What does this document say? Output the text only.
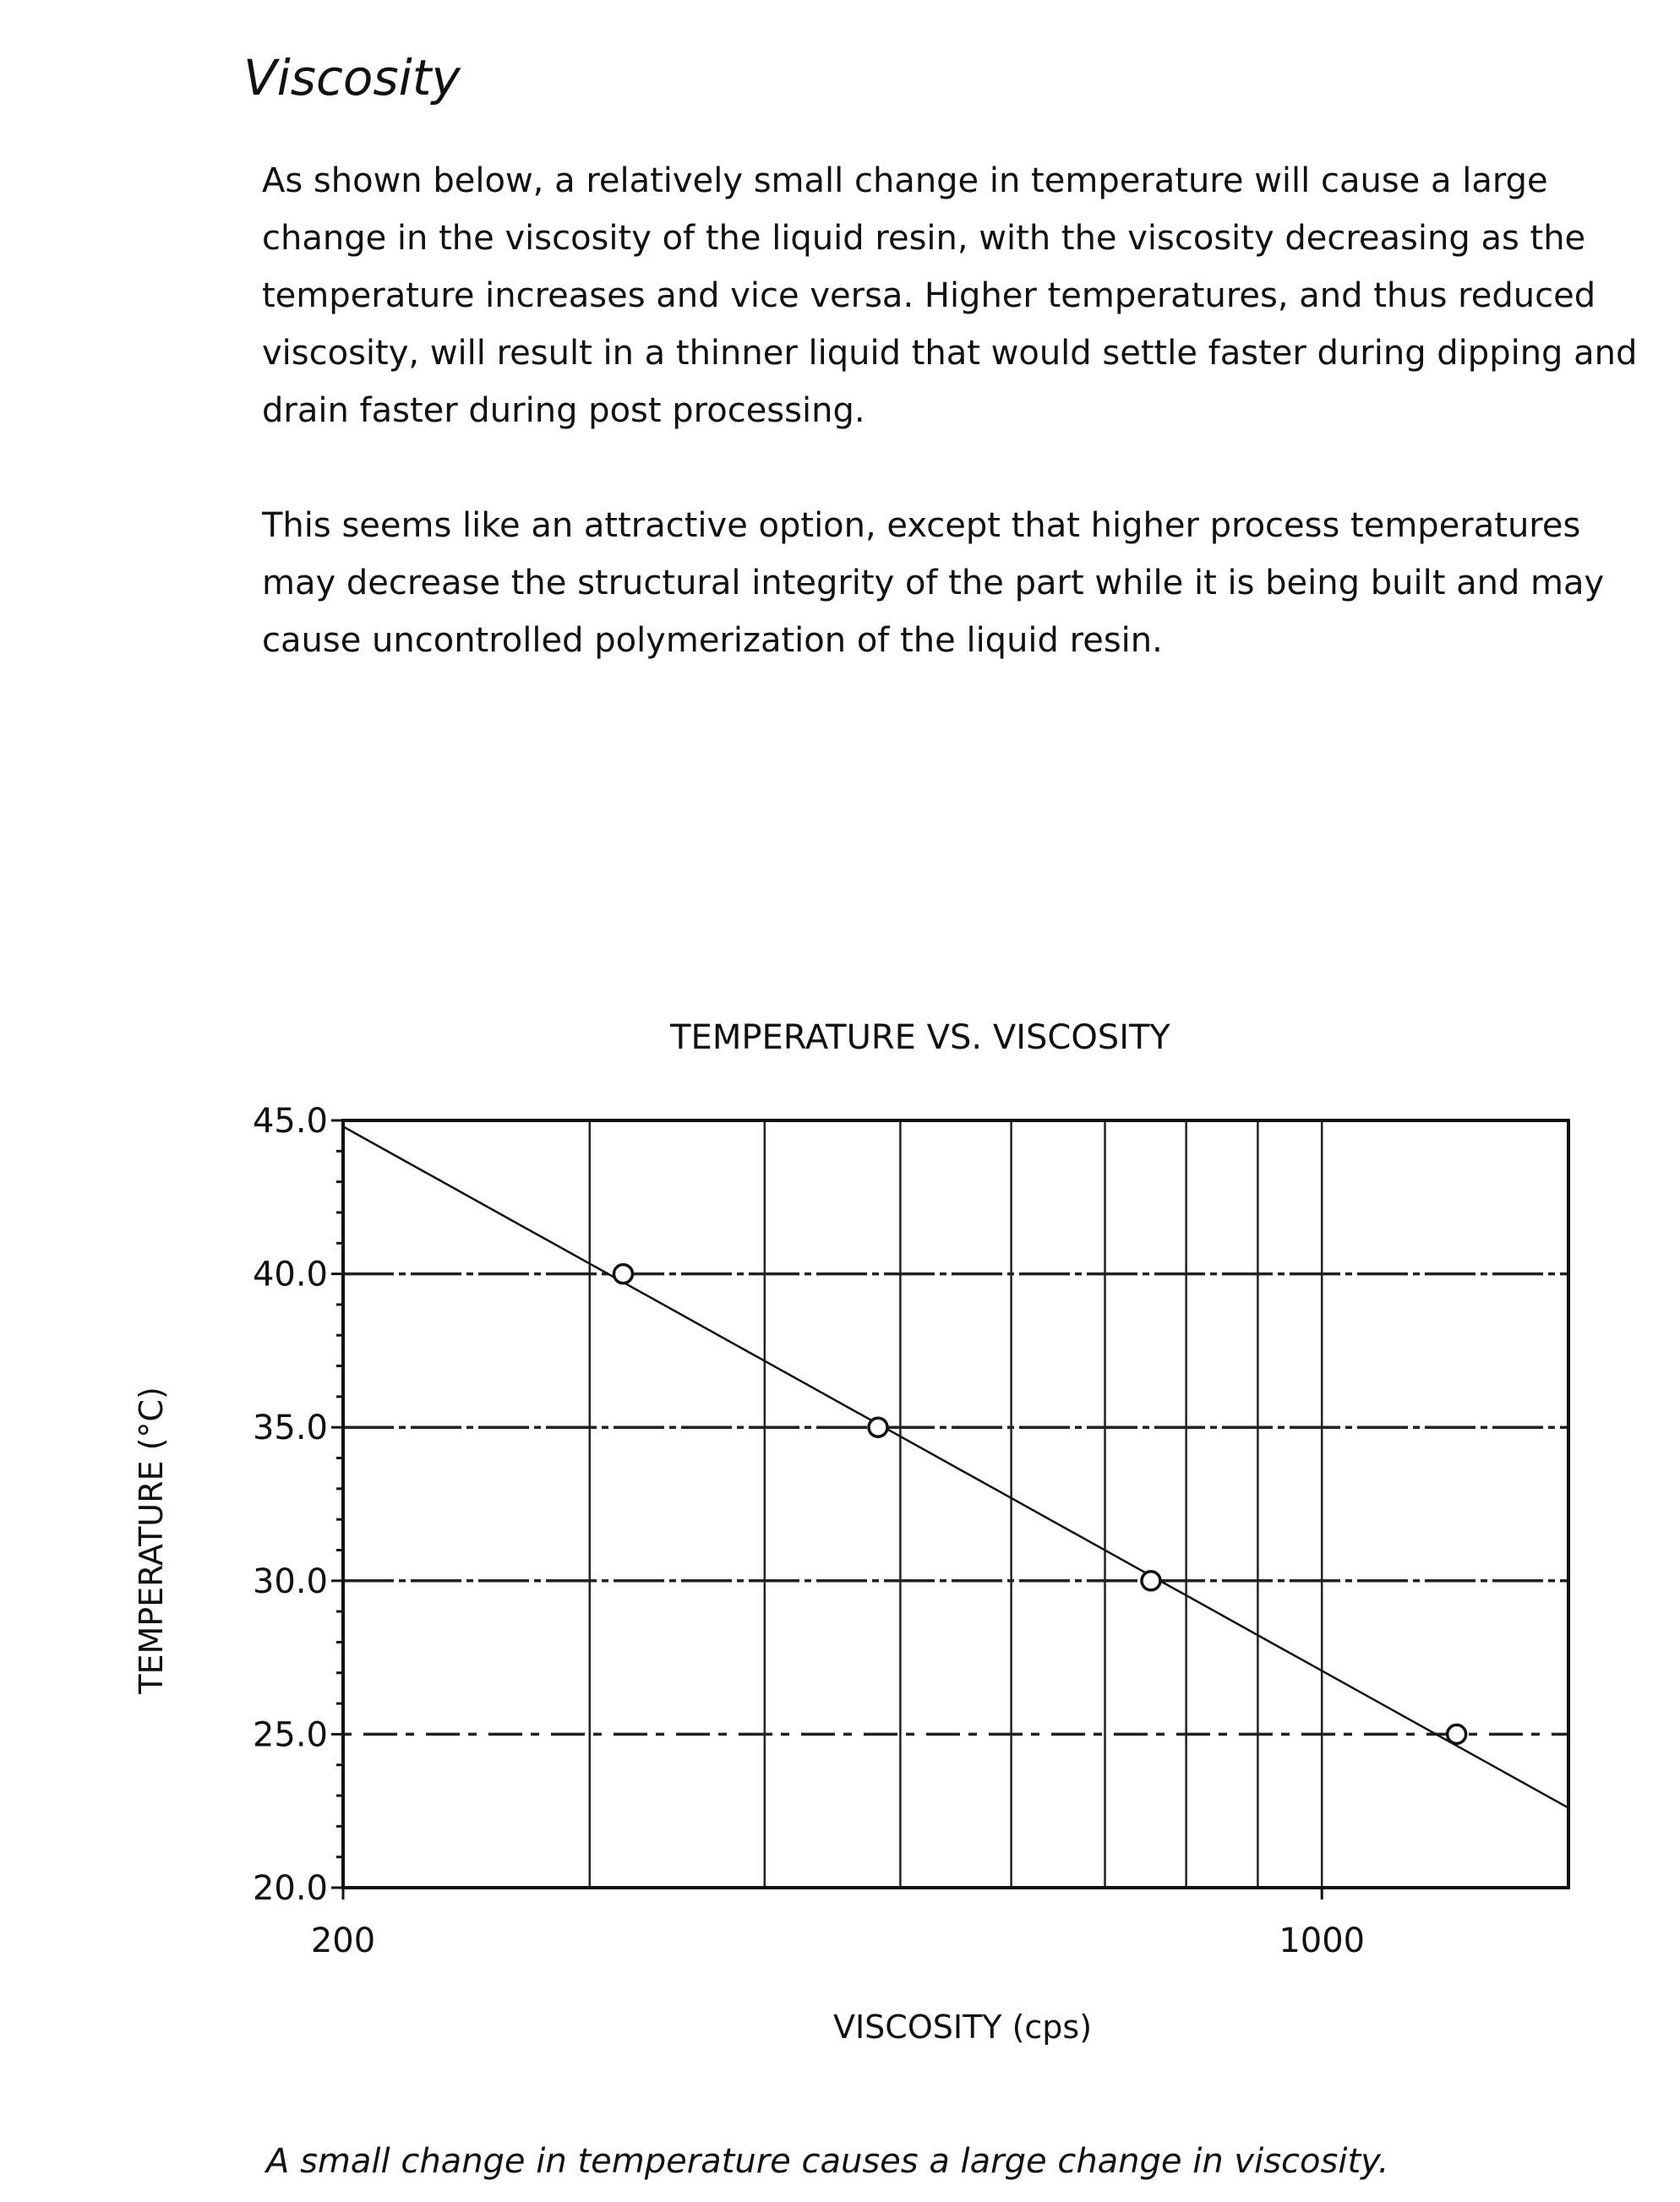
Viscosity
As shown below, a relatively small change in temperature will cause a large change in the viscosity of the liquid resin, with the viscosity decreasing as the temperature increases and vice versa. Higher temperatures, and thus reduced viscosity, will result in a thinner liquid that would settle faster during dipping and drain faster during post processing.
This seems like an attractive option, except that higher process temperatures may decrease the structural integrity of the part while it is being built and may cause uncontrolled polymerization of the liquid resin.
TEMPERATURE VS. VISCOSITY
45.0
40.0
35.0
30.0
25.0
20.0
200	1000
VISCOSITY (cps)
TEMPERATURE (°C)
A small change in temperature causes a large change in viscosity.
